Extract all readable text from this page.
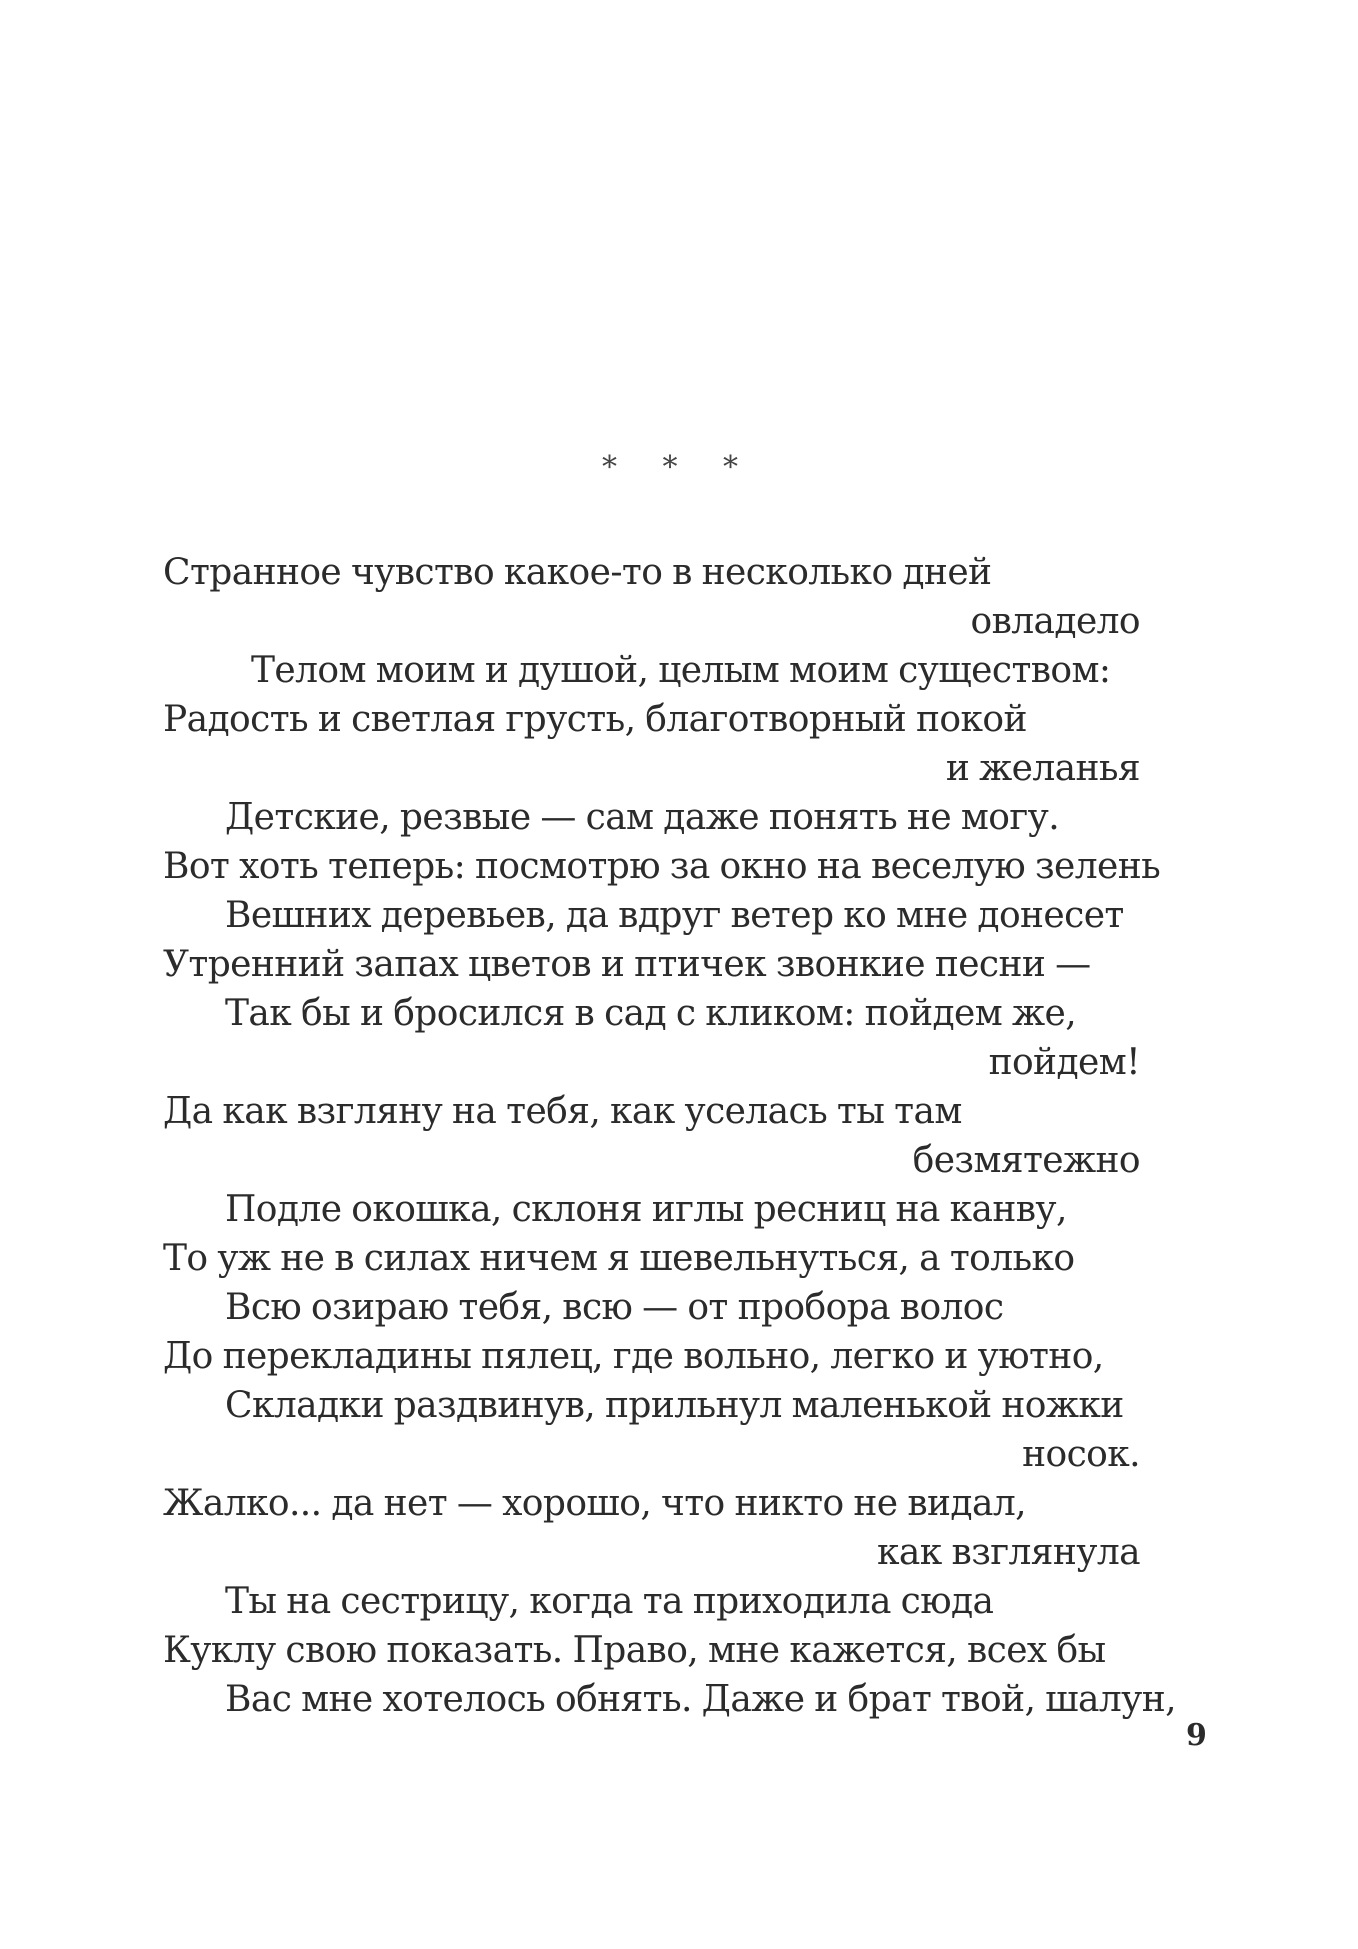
* * *
Странное чувство какое-то в несколько дней
овладело
Телом моим и душой, целым моим существом:
Радость и светлая грусть, благотворный покой
и желанья
Детские, резвые — сам даже понять не могу.
Вот хоть теперь: посмотрю за окно на веселую зелень
Вешних деревьев, да вдруг ветер ко мне донесет
Утренний запах цветов и птичек звонкие песни —
Так бы и бросился в сад с кликом: пойдем же,
пойдем!
Да как взгляну на тебя, как уселась ты там
безмятежно
Подле окошка, склоня иглы ресниц на канву,
То уж не в силах ничем я шевельнуться, а только
Всю озираю тебя, всю — от пробора волос
До перекладины пялец, где вольно, легко и уютно,
Складки раздвинув, прильнул маленькой ножки
носок.
Жалко... да нет — хорошо, что никто не видал,
как взглянула
Ты на сестрицу, когда та приходила сюда
Куклу свою показать. Право, мне кажется, всех бы
Вас мне хотелось обнять. Даже и брат твой, шалун,
9
